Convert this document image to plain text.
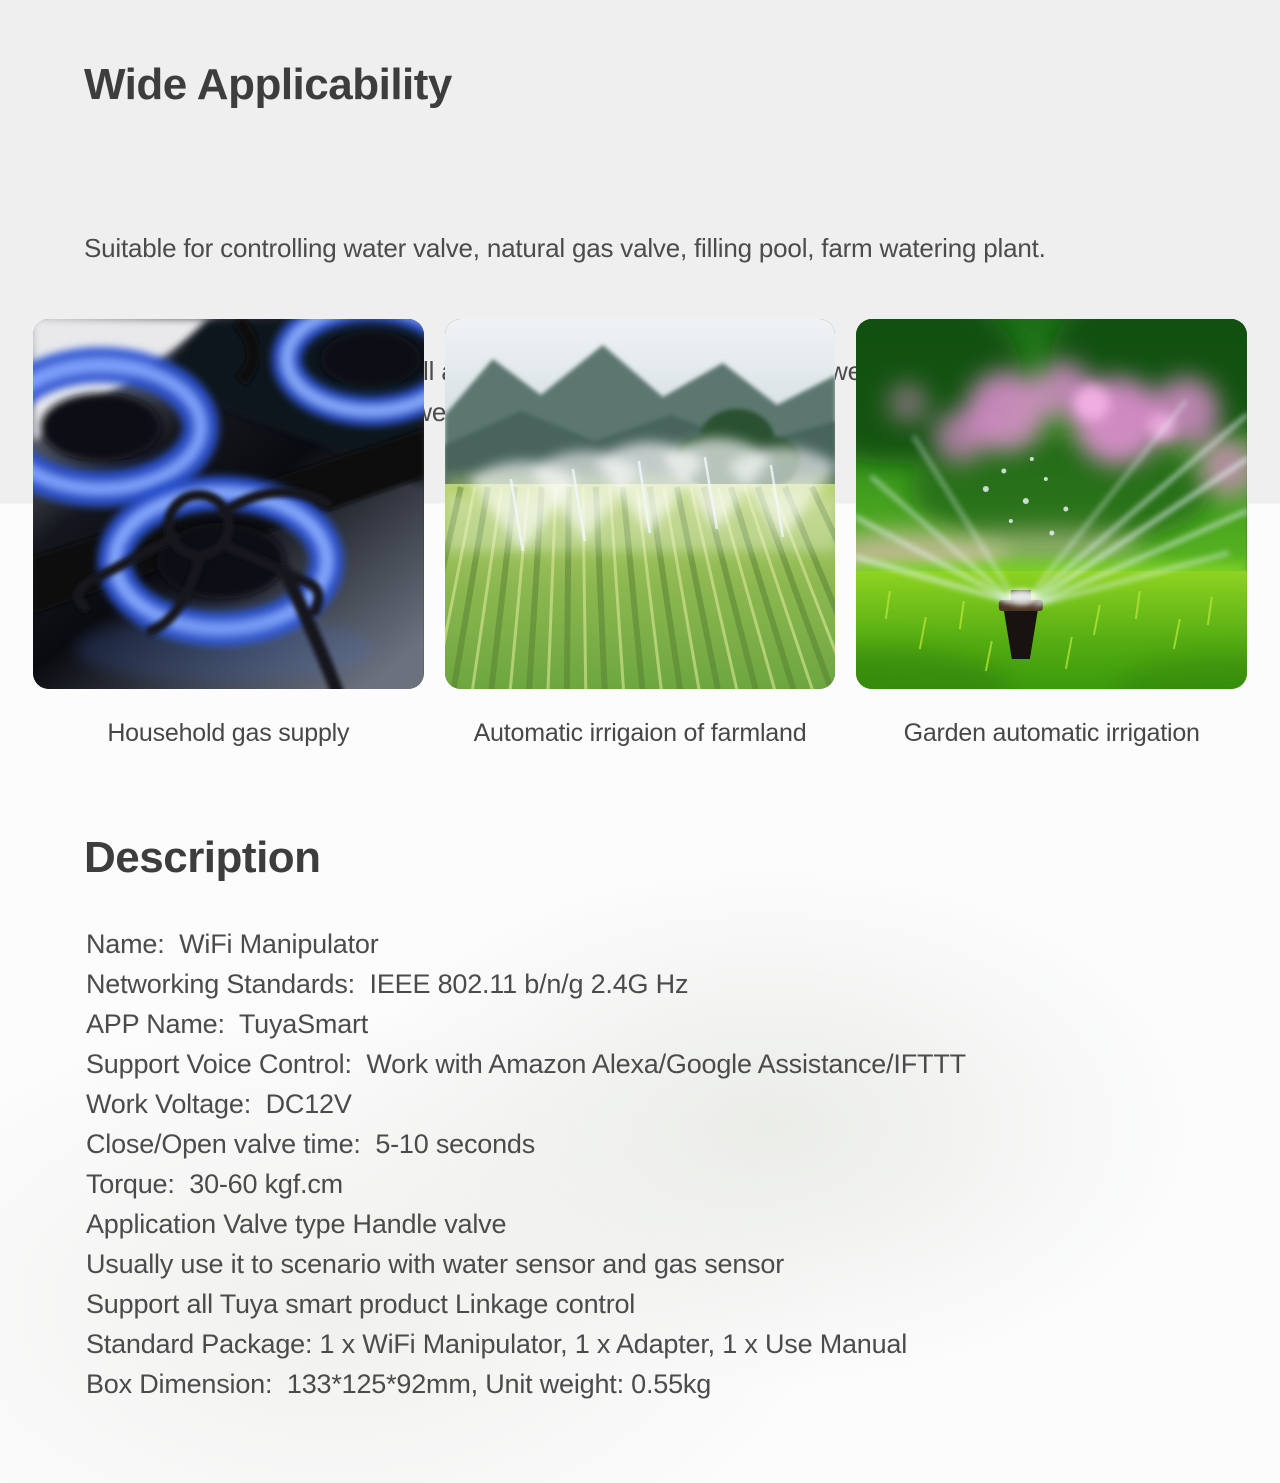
Wide Applicability

Suitable for controlling water valve, natural gas valve, filling pool, farm watering plant.

power

Household gas supply	Automatic irrigaion of farmland	Garden automatic irrigation
Description
Name:  WiFi Manipulator
Networking Standards:  IEEE 802.11 b/n/g 2.4G Hz
APP Name:  TuyaSmart
Support Voice Control:  Work with Amazon Alexa/Google Assistance/IFTTT
Work Voltage:  DC12V
Close/Open valve time:  5-10 seconds
Torque:  30-60 kgf.cm
Application Valve type Handle valve
Usually use it to scenario with water sensor and gas sensor
Support all Tuya smart product Linkage control
Standard Package: 1 x WiFi Manipulator, 1 x Adapter, 1 x Use Manual
Box Dimension:  133*125*92mm, Unit weight: 0.55kg
